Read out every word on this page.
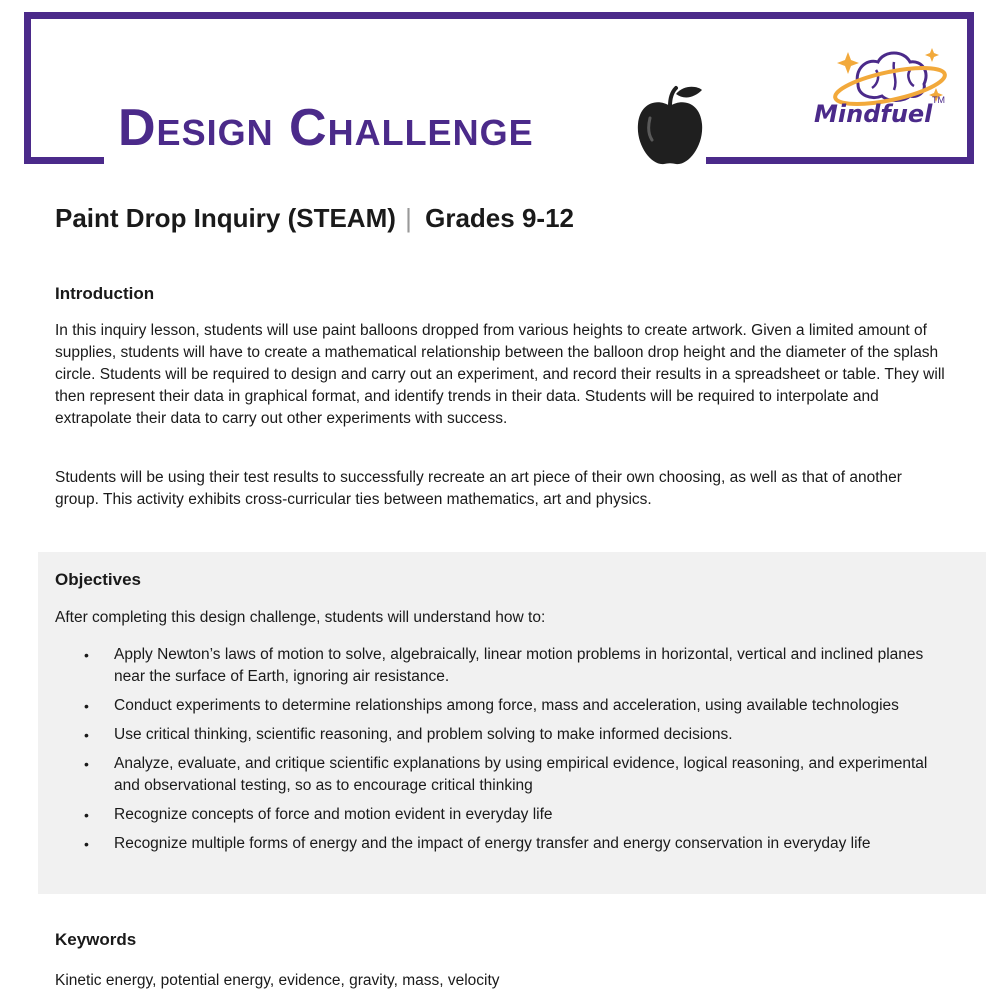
Design Challenge	Mindfuel TM
Paint Drop Inquiry (STEAM) | Grades 9-12
Introduction

In this inquiry lesson, students will use paint balloons dropped from various heights to create artwork. Given a limited amount of supplies, students will have to create a mathematical relationship between the balloon drop height and the diameter of the splash circle. Students will be required to design and carry out an experiment, and record their results in a spreadsheet or table. They will then represent their data in graphical format, and identify trends in their data. Students will be required to interpolate and extrapolate their data to carry out other experiments with success.

Students will be using their test results to successfully recreate an art piece of their own choosing, as well as that of another group. This activity exhibits cross-curricular ties between mathematics, art and physics.

Objectives

After completing this design challenge, students will understand how to:

• Apply Newton’s laws of motion to solve, algebraically, linear motion problems in horizontal, vertical and inclined planes near the surface of Earth, ignoring air resistance.
• Conduct experiments to determine relationships among force, mass and acceleration, using available technologies
• Use critical thinking, scientific reasoning, and problem solving to make informed decisions.
• Analyze, evaluate, and critique scientific explanations by using empirical evidence, logical reasoning, and experimental and observational testing, so as to encourage critical thinking
• Recognize concepts of force and motion evident in everyday life
• Recognize multiple forms of energy and the impact of energy transfer and energy conservation in everyday life
Keywords

Kinetic energy, potential energy, evidence, gravity, mass, velocity
